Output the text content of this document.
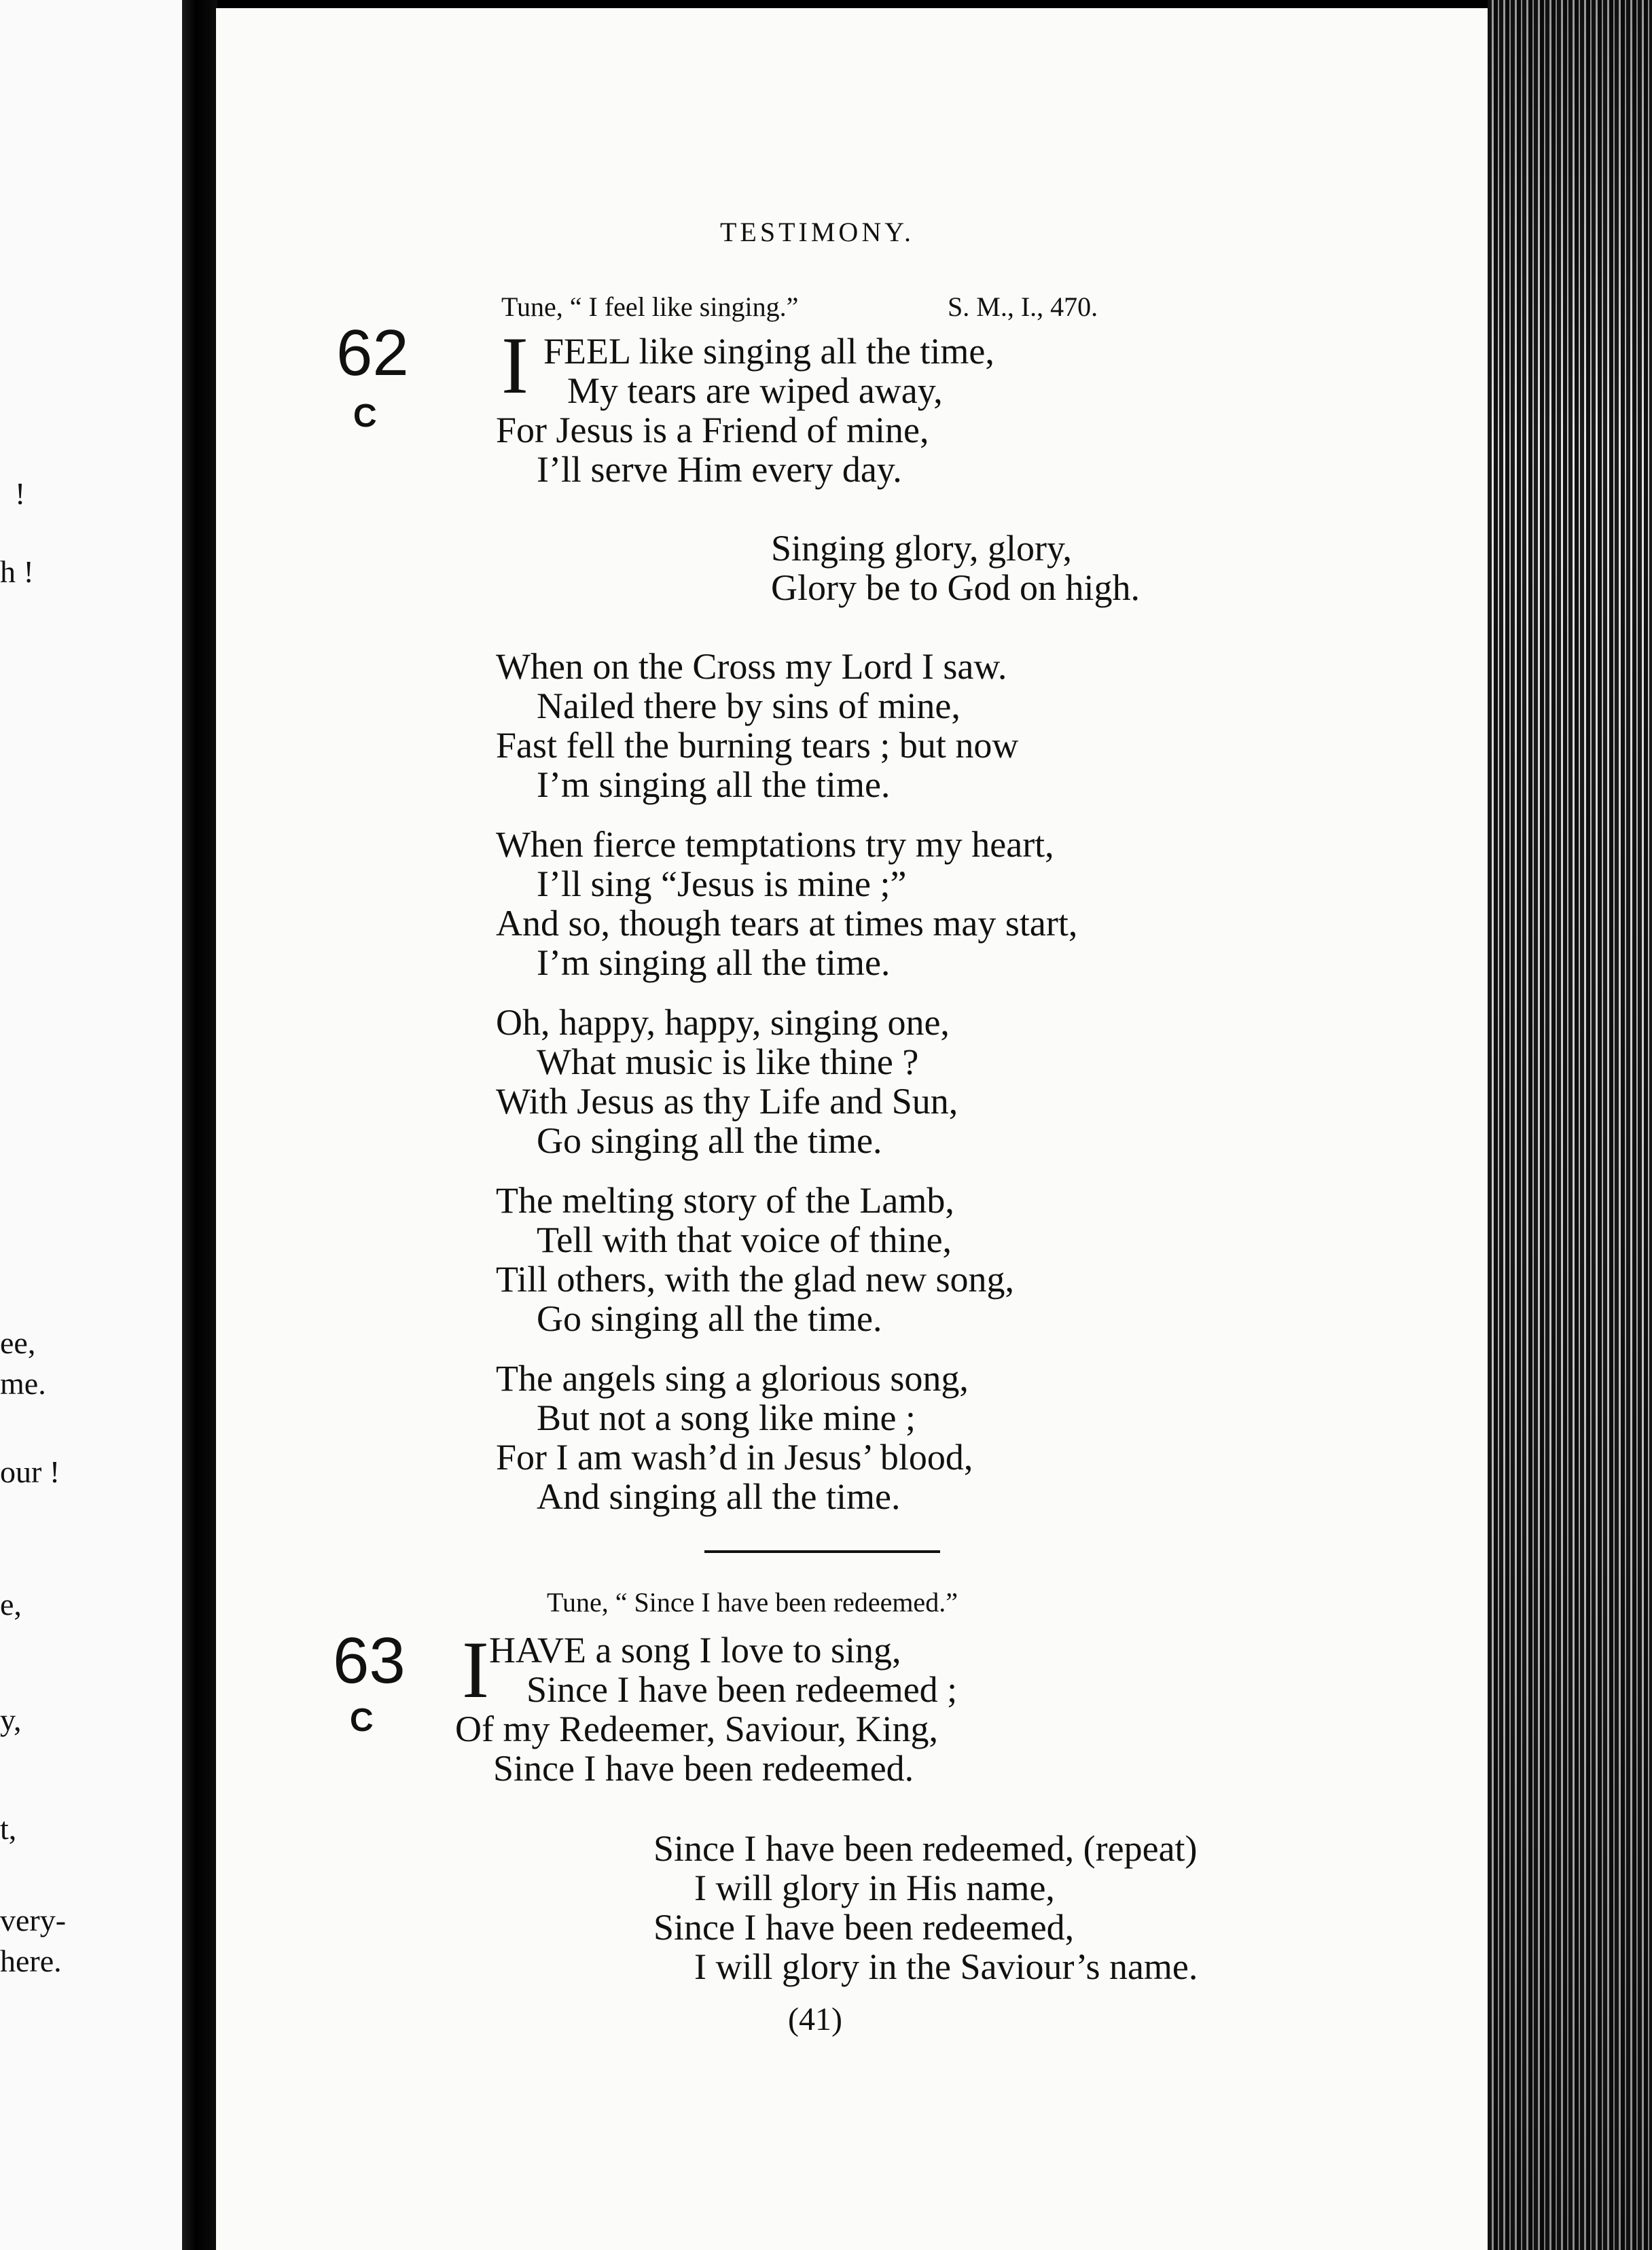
!
h !
ee,
me.
our !
e,
y,
t,
very-
here.
TESTIMONY.
Tune, “ I feel like singing.”	S. M., I., 470.
62
C
I FEEL like singing all the time,
My tears are wiped away,
For Jesus is a Friend of mine,
I’ll serve Him every day.
Singing glory, glory,
Glory be to God on high.
When on the Cross my Lord I saw.
Nailed there by sins of mine,
Fast fell the burning tears ; but now
I’m singing all the time.
When fierce temptations try my heart,
I’ll sing “Jesus is mine ;”
And so, though tears at times may start,
I’m singing all the time.
Oh, happy, happy, singing one,
What music is like thine ?
With Jesus as thy Life and Sun,
Go singing all the time.
The melting story of the Lamb,
Tell with that voice of thine,
Till others, with the glad new song,
Go singing all the time.
The angels sing a glorious song,
But not a song like mine ;
For I am wash’d in Jesus’ blood,
And singing all the time.
Tune, “ Since I have been redeemed.”
63
C
I HAVE a song I love to sing,
Since I have been redeemed ;
Of my Redeemer, Saviour, King,
Since I have been redeemed.
Since I have been redeemed, (repeat)
I will glory in His name,
Since I have been redeemed,
I will glory in the Saviour’s name.
(41)
